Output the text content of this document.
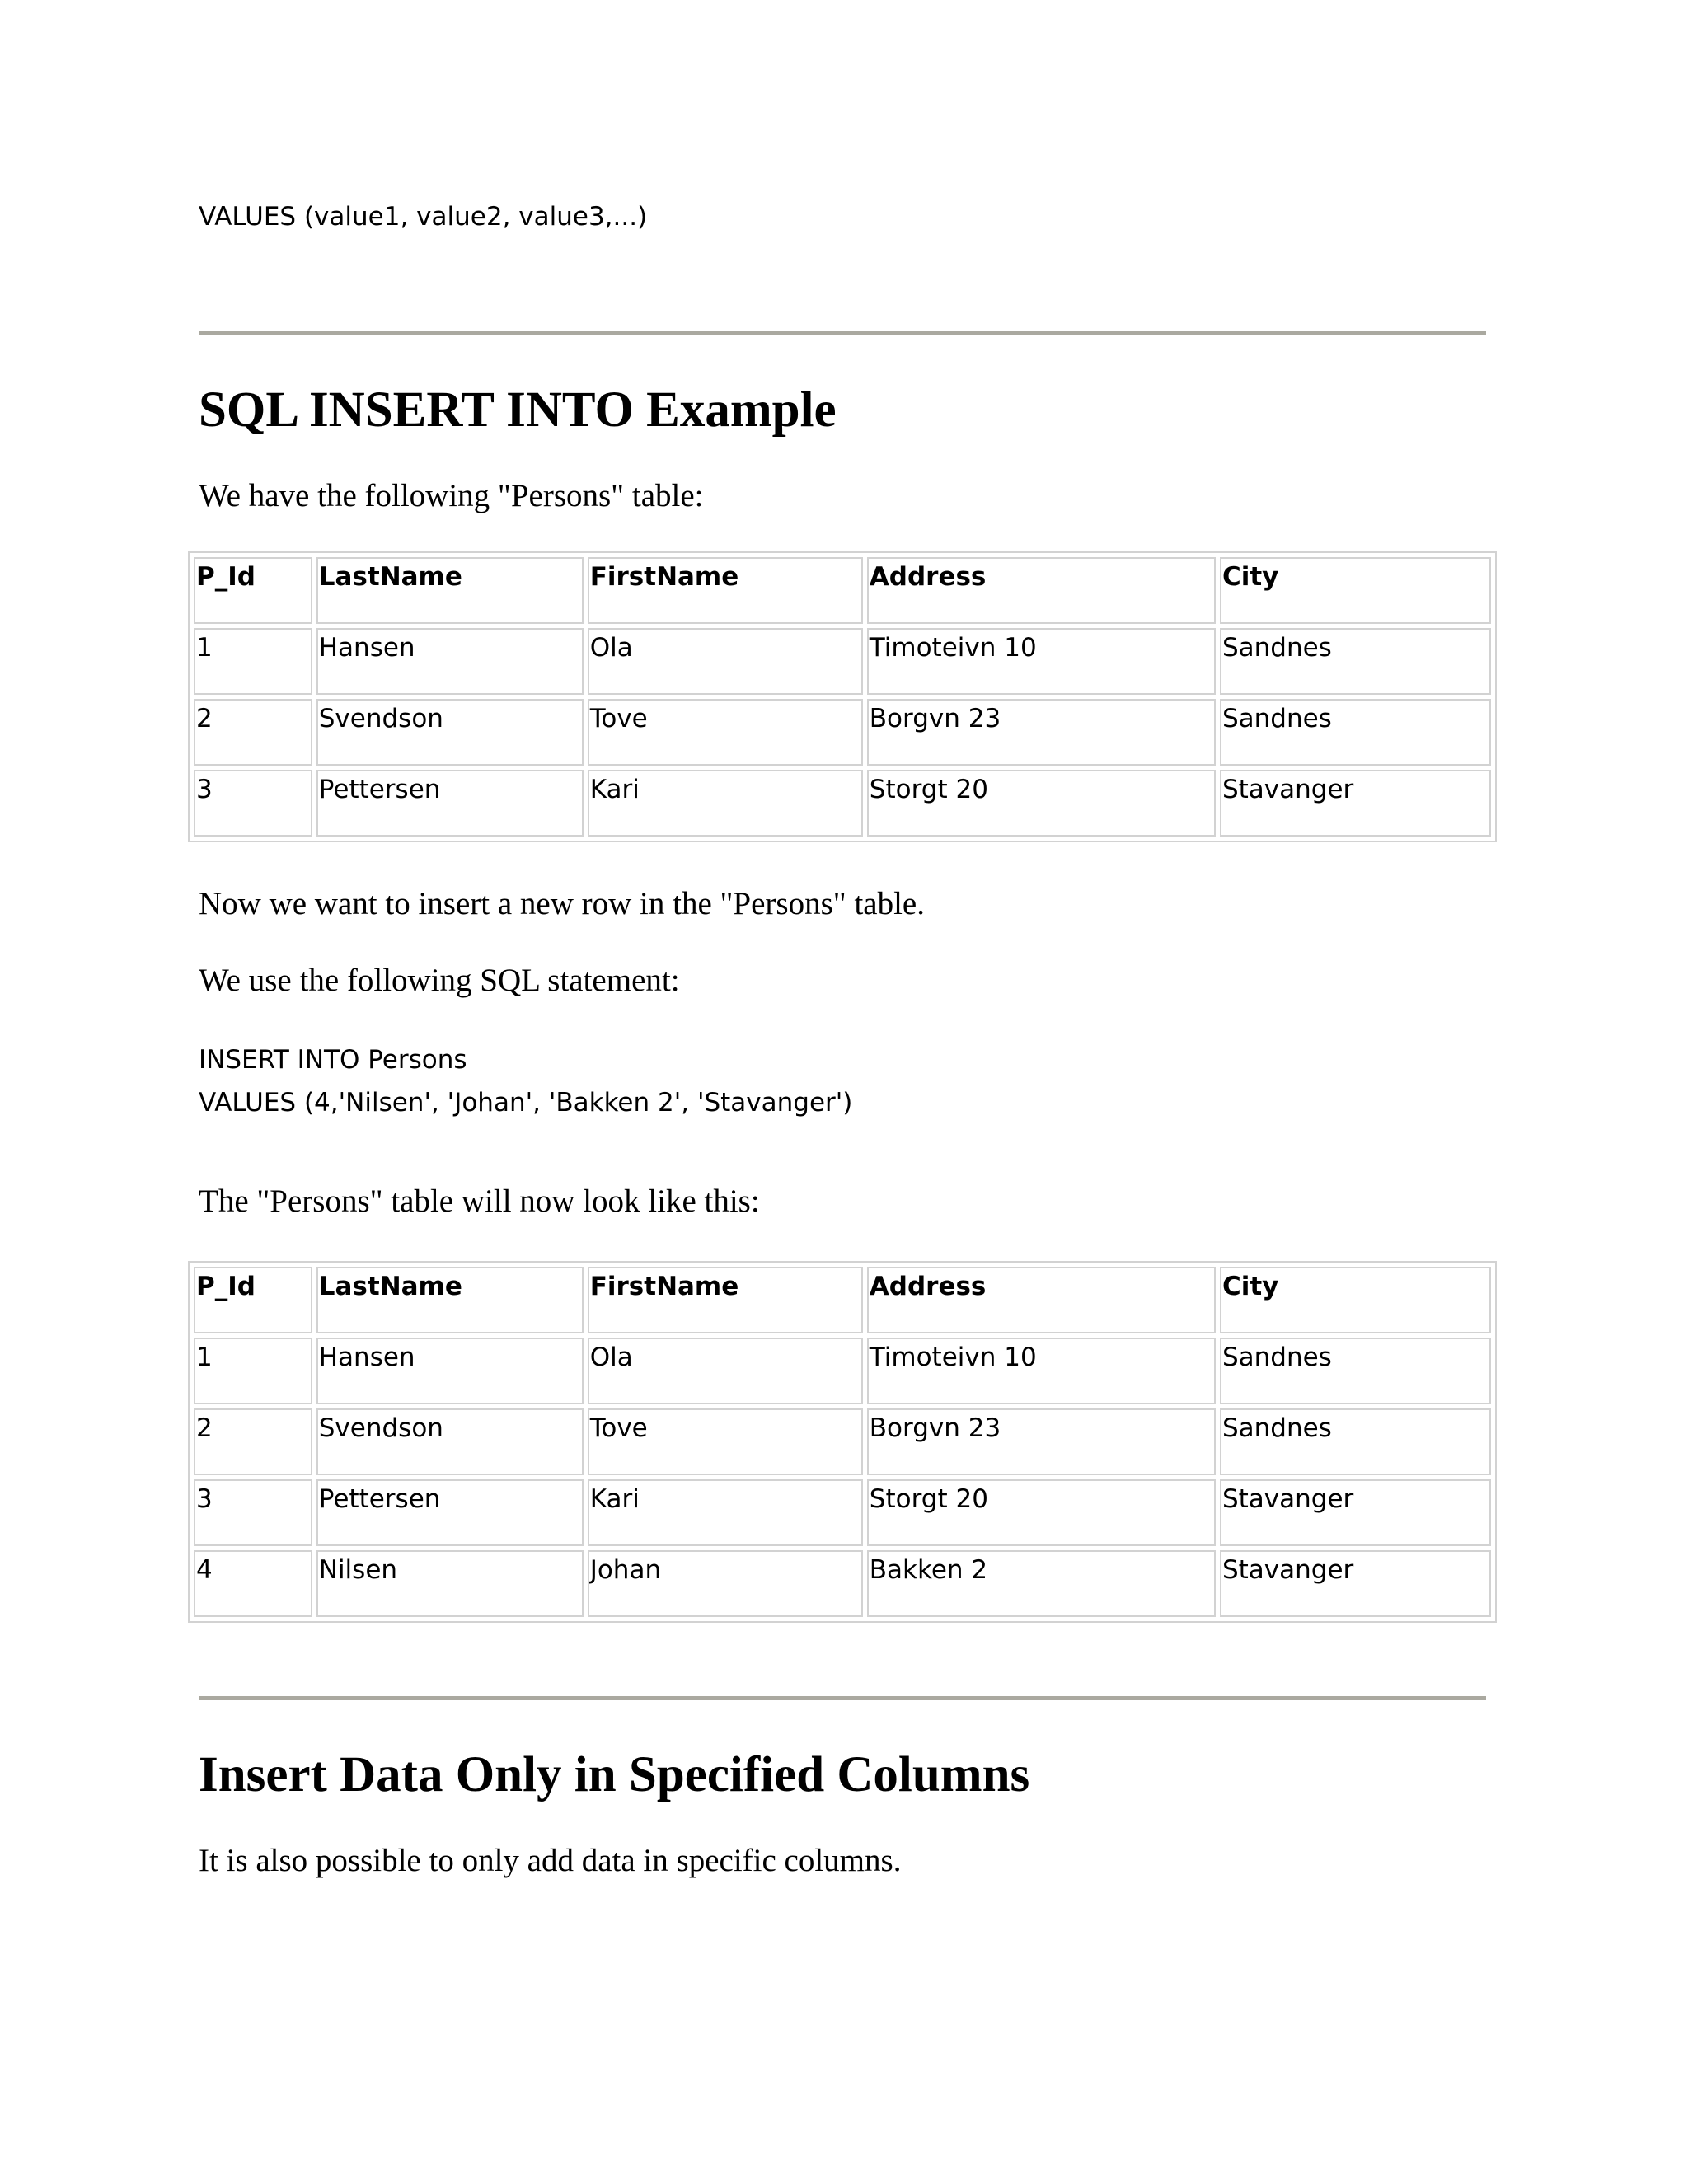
VALUES (value1, value2, value3,...)
SQL INSERT INTO Example
We have the following "Persons" table:
P_Id	LastName	FirstName	Address	City
1	Hansen	Ola	Timoteivn 10	Sandnes
2	Svendson	Tove	Borgvn 23	Sandnes
3	Pettersen	Kari	Storgt 20	Stavanger
Now we want to insert a new row in the "Persons" table.
We use the following SQL statement:
INSERT INTO Persons
VALUES (4,'Nilsen', 'Johan', 'Bakken 2', 'Stavanger')
The "Persons" table will now look like this:
P_Id	LastName	FirstName	Address	City
1	Hansen	Ola	Timoteivn 10	Sandnes
2	Svendson	Tove	Borgvn 23	Sandnes
3	Pettersen	Kari	Storgt 20	Stavanger
4	Nilsen	Johan	Bakken 2	Stavanger
Insert Data Only in Specified Columns
It is also possible to only add data in specific columns.
